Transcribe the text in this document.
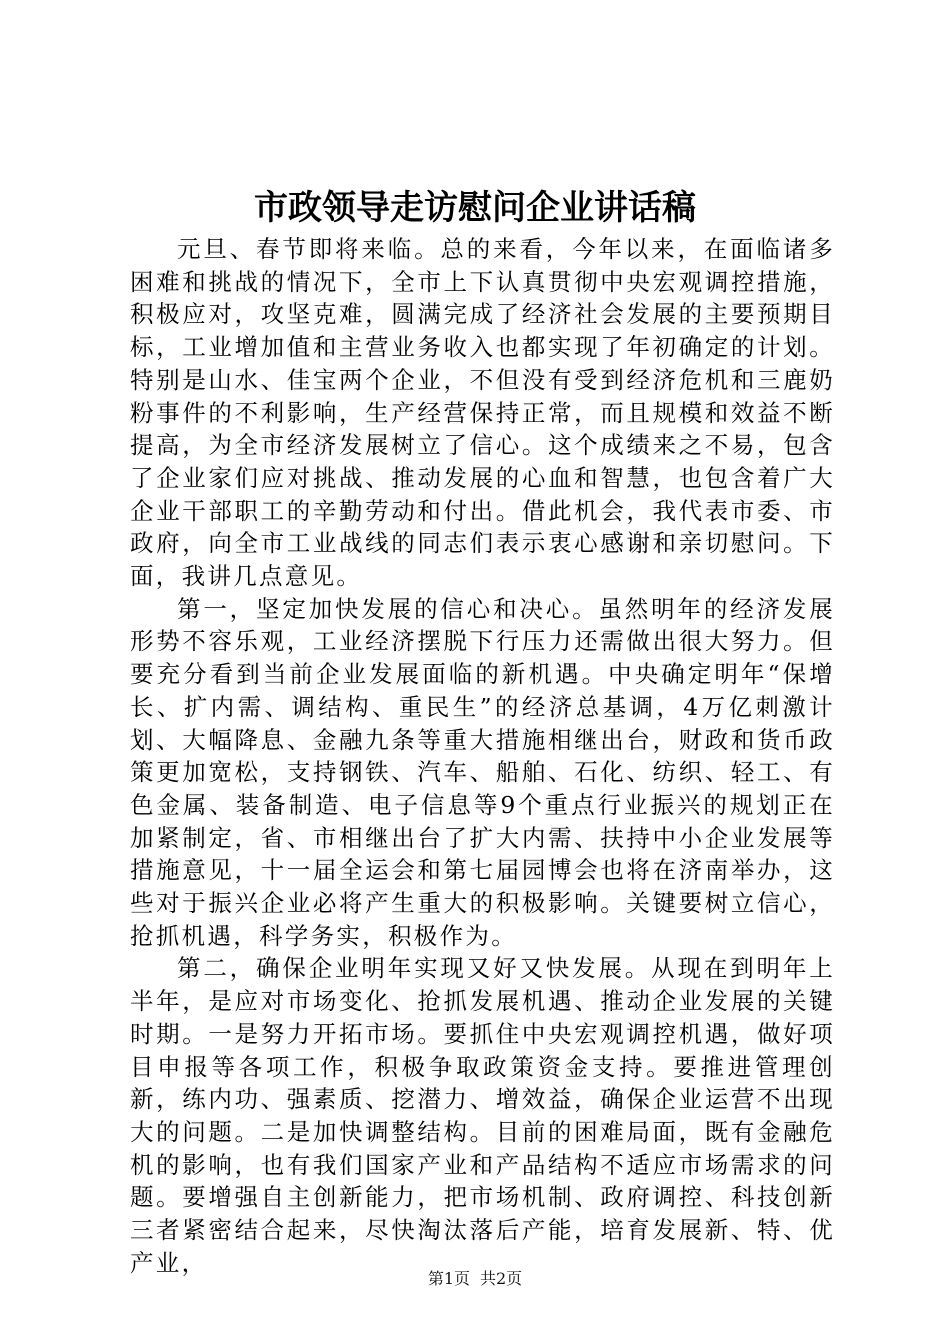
市政领导走访慰问企业讲话稿

元旦、春节即将来临。总的来看，今年以来，在面临诸多困难和挑战的情况下，全市上下认真贯彻中央宏观调控措施，积极应对，攻坚克难，圆满完成了经济社会发展的主要预期目标，工业增加值和主营业务收入也都实现了年初确定的计划。特别是山水、佳宝两个企业，不但没有受到经济危机和三鹿奶粉事件的不利影响，生产经营保持正常，而且规模和效益不断提高，为全市经济发展树立了信心。这个成绩来之不易，包含了企业家们应对挑战、推动发展的心血和智慧，也包含着广大企业干部职工的辛勤劳动和付出。借此机会，我代表市委、市政府，向全市工业战线的同志们表示衷心感谢和亲切慰问。下面，我讲几点意见。

第一，坚定加快发展的信心和决心。虽然明年的经济发展形势不容乐观，工业经济摆脱下行压力还需做出很大努力。但要充分看到当前企业发展面临的新机遇。中央确定明年“保增长、扩内需、调结构、重民生”的经济总基调，4万亿刺激计划、大幅降息、金融九条等重大措施相继出台，财政和货币政策更加宽松，支持钢铁、汽车、船舶、石化、纺织、轻工、有色金属、装备制造、电子信息等9个重点行业振兴的规划正在加紧制定，省、市相继出台了扩大内需、扶持中小企业发展等措施意见，十一届全运会和第七届园博会也将在济南举办，这些对于振兴企业必将产生重大的积极影响。关键要树立信心，抢抓机遇，科学务实，积极作为。

第二，确保企业明年实现又好又快发展。从现在到明年上半年，是应对市场变化、抢抓发展机遇、推动企业发展的关键时期。一是努力开拓市场。要抓住中央宏观调控机遇，做好项目申报等各项工作，积极争取政策资金支持。要推进管理创新，练内功、强素质、挖潜力、增效益，确保企业运营不出现大的问题。二是加快调整结构。目前的困难局面，既有金融危机的影响，也有我们国家产业和产品结构不适应市场需求的问题。要增强自主创新能力，把市场机制、政府调控、科技创新三者紧密结合起来，尽快淘汰落后产能，培育发展新、特、优产业，

第1页 共2页
